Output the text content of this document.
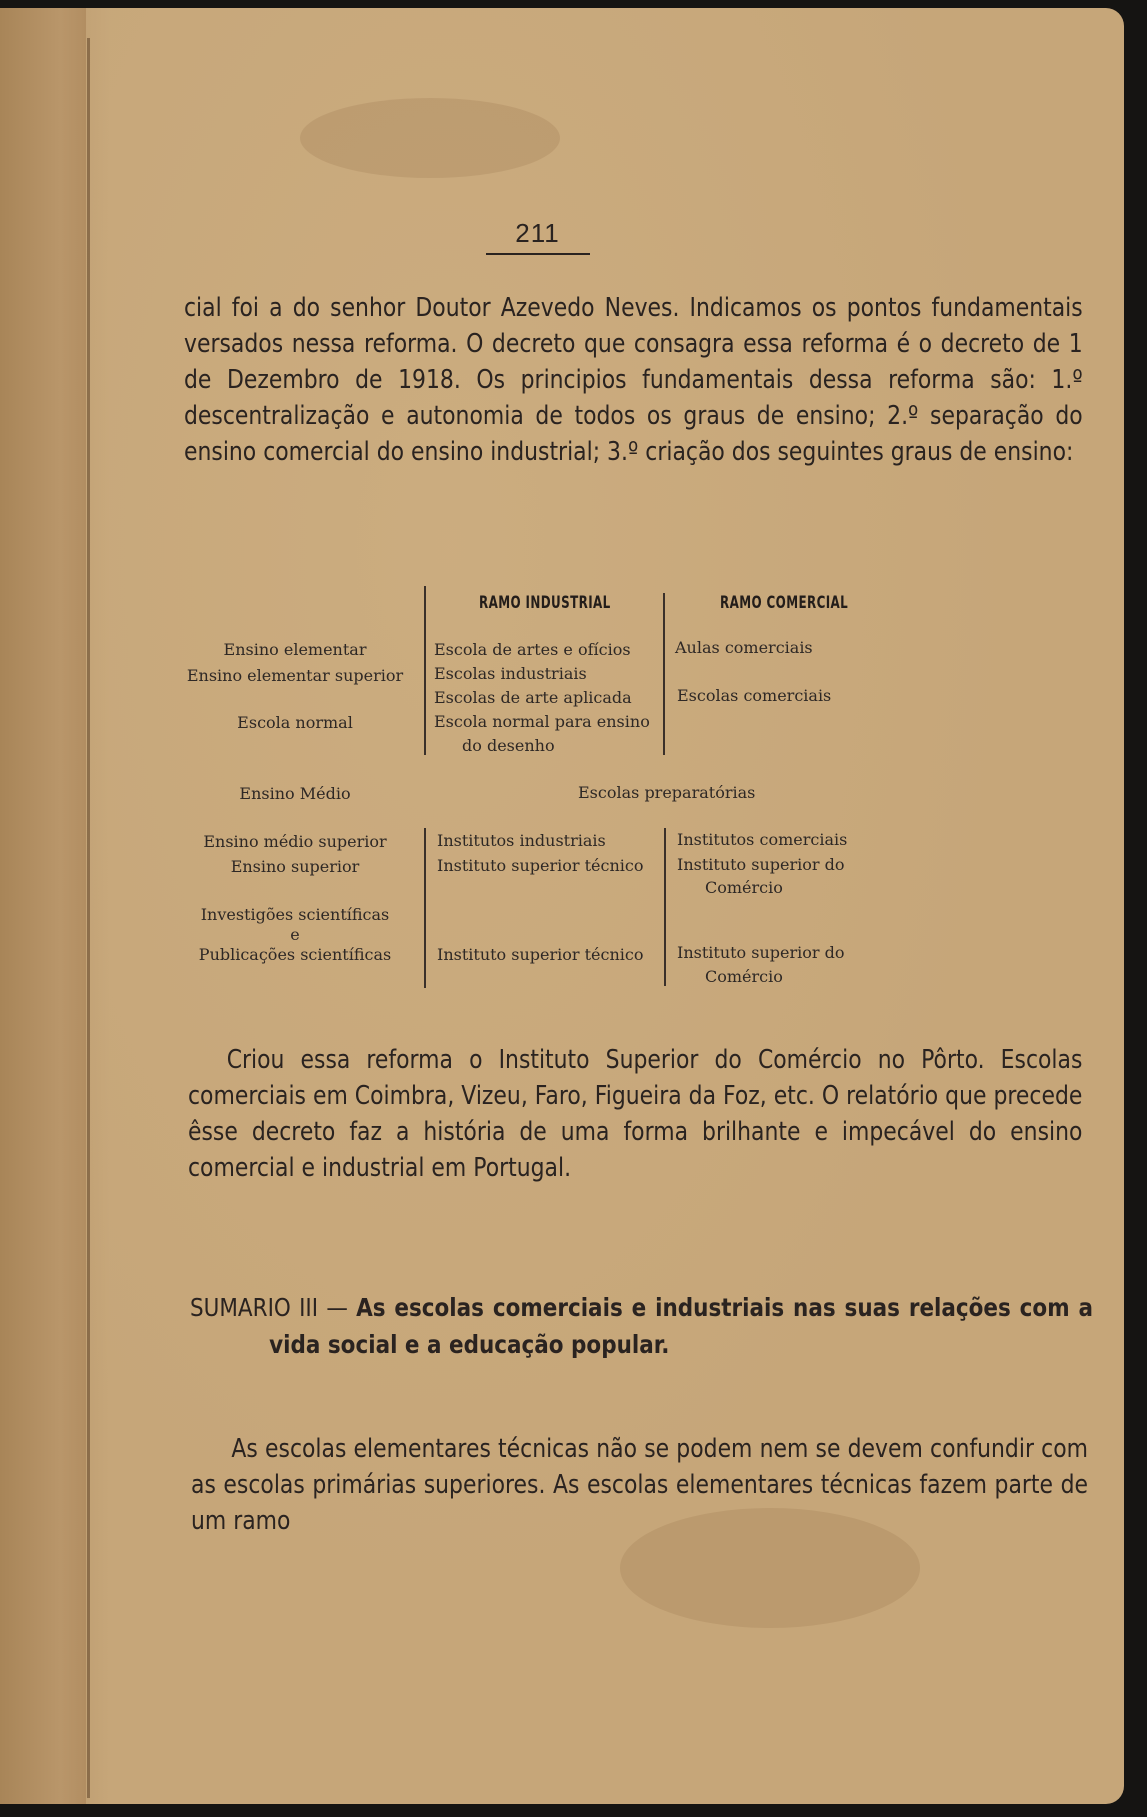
211
cial foi a do senhor Doutor Azevedo Neves. Indicamos os pontos fundamentais versados nessa reforma. O decreto que consagra essa reforma é o decreto de 1 de Dezembro de 1918. Os principios fundamentais dessa reforma são: 1.º descentralização e autonomia de todos os graus de ensino; 2.º separação do ensino comercial do ensino industrial; 3.º criação dos seguintes graus de ensino:
RAMO INDUSTRIAL	RAMO COMERCIAL
Ensino elementar
Ensino elementar superior
Escola normal
Escola de artes e ofícios
Escolas industriais
Escolas de arte aplicada
Escola normal para ensino
do desenho
Aulas comerciais
Escolas comerciais
Ensino Médio	Escolas preparatórias
Ensino médio superior
Ensino superior
Investigões scientíficas
e
Publicações scientíficas
Institutos industriais
Instituto superior técnico
Instituto superior técnico
Institutos comerciais
Instituto superior do
Comércio
Instituto superior do
Comércio
Criou essa reforma o Instituto Superior do Comércio no Pôrto. Escolas comerciais em Coimbra, Vizeu, Faro, Figueira da Foz, etc. O relatório que precede êsse decreto faz a história de uma forma brilhante e impecável do ensino comercial e industrial em Portugal.
SUMARIO III — As escolas comerciais e industriais nas suas relações com a vida social e a educação popular.
As escolas elementares técnicas não se podem nem se devem confundir com as escolas primárias superiores. As escolas elementares técnicas fazem parte de um ramo
